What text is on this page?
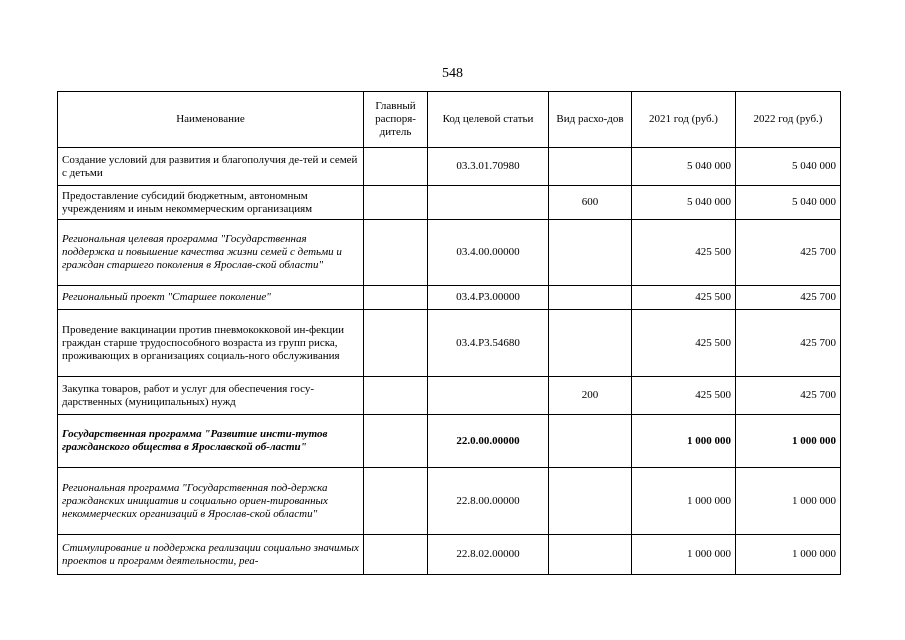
548
Наименование	Главный распоря-дитель	Код целевой статьи	Вид расхо-дов	2021 год (руб.)	2022 год (руб.)
Создание условий для развития и благополучия де-тей и семей с детьми		03.3.01.70980		5 040 000	5 040 000
Предоставление субсидий бюджетным, автономным учреждениям и иным некоммерческим организациям			600	5 040 000	5 040 000
Региональная целевая программа "Государственная поддержка и повышение качества жизни семей с детьми и граждан старшего поколения в Ярослав-ской области"		03.4.00.00000		425 500	425 700
Региональный проект "Старшее поколение"		03.4.P3.00000		425 500	425 700
Проведение вакцинации против пневмококковой ин-фекции граждан старше трудоспособного возраста из групп риска, проживающих в организациях социаль-ного обслуживания		03.4.P3.54680		425 500	425 700
Закупка товаров, работ и услуг для обеспечения госу-дарственных (муниципальных) нужд			200	425 500	425 700
Государственная программа "Развитие инсти-тутов гражданского общества в Ярославской об-ласти"		22.0.00.00000		1 000 000	1 000 000
Региональная программа "Государственная под-держка гражданских инициатив и социально ориен-тированных некоммерческих организаций в Ярослав-ской области"		22.8.00.00000		1 000 000	1 000 000
Стимулирование и поддержка реализации социально значимых проектов и программ деятельности, реа-		22.8.02.00000		1 000 000	1 000 000
